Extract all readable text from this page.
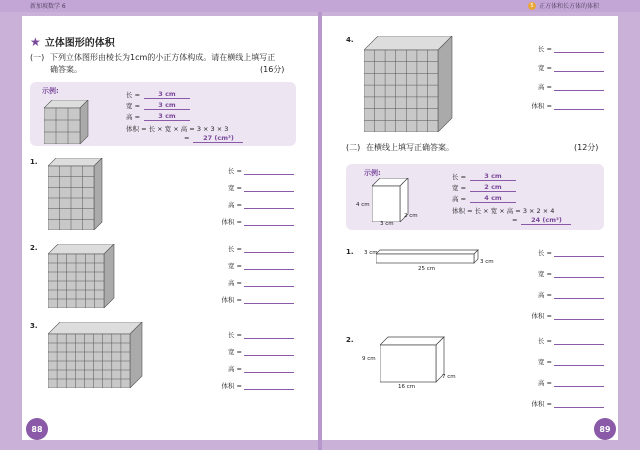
新加坡数学 6	5 正方体和长方体的体积
★ 立体图形的体积
(一) 下列立体图形由棱长为1cm的小正方体构成。请在横线上填写正
确答案。	(16分)
示例:	长 =	3 cm
宽 =	3 cm
高 =	3 cm
体积 = 长 × 宽 × 高 = 3 × 3 × 3
=	27 (cm³)
1.
长 =
宽 =
高 =
体积 =
2.	长 =
宽 =
高 =
体积 =
3.
长 =
宽 =
高 =
体积 =
88
4.
长 =
宽 =
高 =
体积 =
(二) 在横线上填写正确答案。	(12分)
示例:
4 cm
2 cm
3 cm
长 =	3 cm
宽 =	2 cm
高 =	4 cm
体积 = 长 × 宽 × 高 = 3 × 2 × 4
=	24 (cm³)
1. 3 cm
25 cm
3 cm
长 =
宽 =
高 =
体积 =
2.
9 cm
16 cm
7 cm
长 =
宽 =
高 =
体积 =
89
